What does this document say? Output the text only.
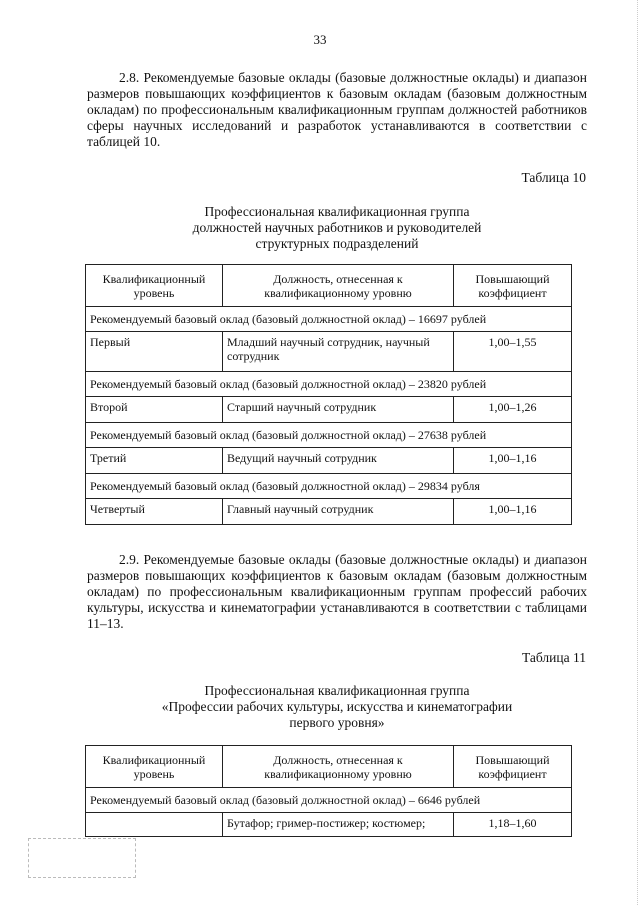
33

2.8. Рекомендуемые базовые оклады (базовые должностные оклады) и диапазон размеров повышающих коэффициентов к базовым окладам (базовым должностным окладам) по профессиональным квалификационным группам должностей работников сферы научных исследований и разработок устанавливаются в соответствии с таблицей 10.

Таблица 10
Профессиональная квалификационная группа
должностей научных работников и руководителей
структурных подразделений
Квалификационный уровень	Должность, отнесенная к квалификационному уровню	Повышающий коэффициент
Рекомендуемый базовый оклад (базовый должностной оклад) – 16697 рублей		
Первый	Младший научный сотрудник, научный сотрудник	1,00–1,55
Рекомендуемый базовый оклад (базовый должностной оклад) – 23820 рублей		
Второй	Старший научный сотрудник	1,00–1,26
Рекомендуемый базовый оклад (базовый должностной оклад) – 27638 рублей		
Третий	Ведущий научный сотрудник	1,00–1,16
Рекомендуемый базовый оклад (базовый должностной оклад) – 29834 рубля		
Четвертый	Главный научный сотрудник	1,00–1,16

2.9. Рекомендуемые базовые оклады (базовые должностные оклады) и диапазон размеров повышающих коэффициентов к базовым окладам (базовым должностным окладам) по профессиональным квалификационным группам профессий рабочих культуры, искусства и кинематографии устанавливаются в соответствии с таблицами 11–13.

Таблица 11
Профессиональная квалификационная группа
«Профессии рабочих культуры, искусства и кинематографии
первого уровня»
Квалификационный уровень	Должность, отнесенная к квалификационному уровню	Повышающий коэффициент
Рекомендуемый базовый оклад (базовый должностной оклад) – 6646 рублей		
	Бутафор; гример-постижер; костюмер;	1,18–1,60
